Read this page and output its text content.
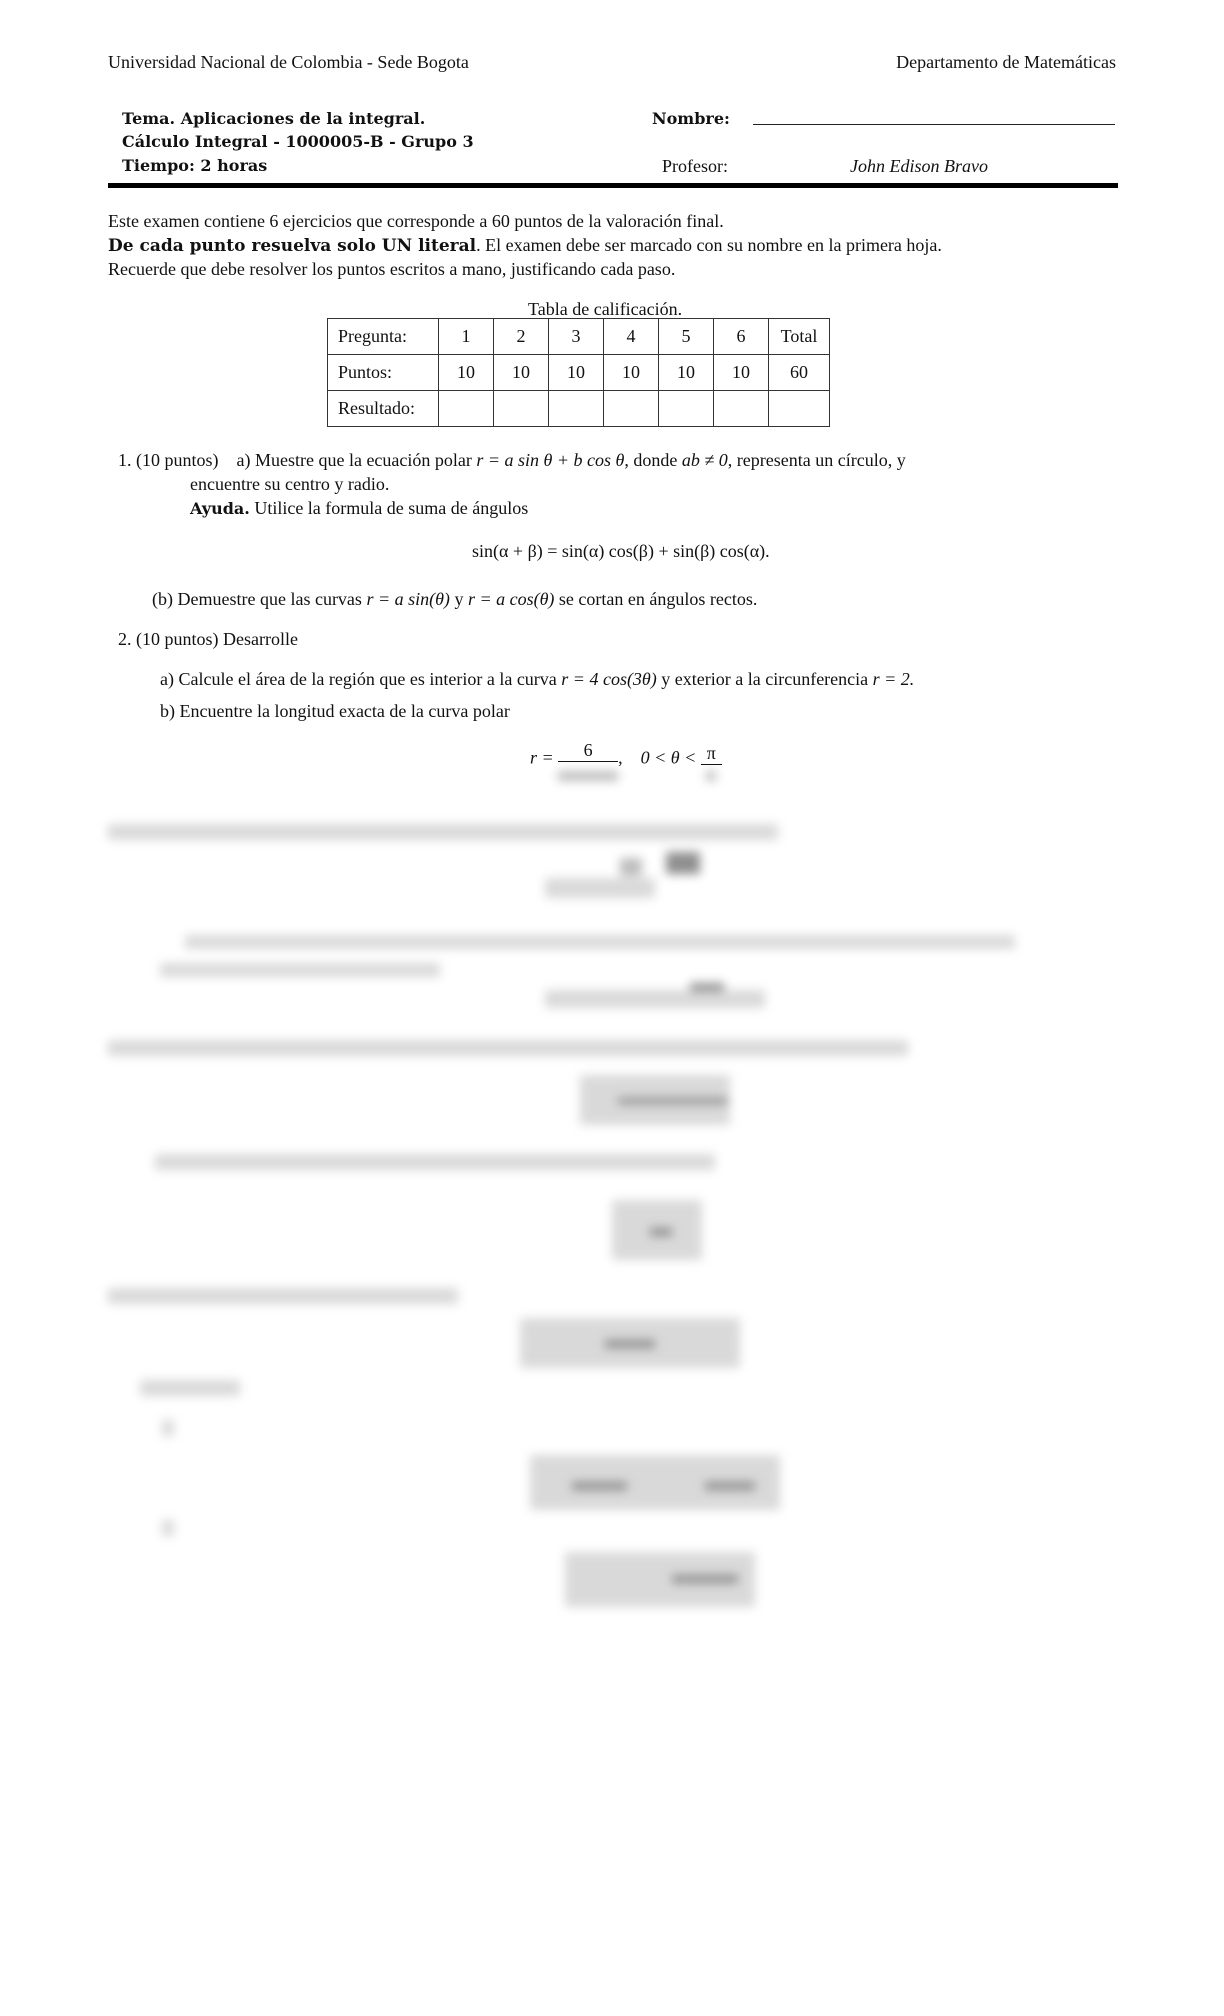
Universidad Nacional de Colombia - Sede Bogota	Departamento de Matemáticas
Tema. Aplicaciones de la integral.
Cálculo Integral - 1000005-B - Grupo 3
Tiempo: 2 horas
Nombre:
Profesor:	John Edison Bravo
Este examen contiene 6 ejercicios que corresponde a 60 puntos de la valoración final.
De cada punto resuelva solo UN literal. El examen debe ser marcado con su nombre en la primera hoja.
Recuerde que debe resolver los puntos escritos a mano, justificando cada paso.
Tabla de calificación.
Pregunta:	1	2	3	4	5	6	Total
Puntos:	10	10	10	10	10	10	60
Resultado:							
1. (10 puntos) a) Muestre que la ecuación polar r = a sin θ + b cos θ, donde ab ≠ 0, representa un círculo, y
encuentre su centro y radio.
Ayuda. Utilice la formula de suma de ángulos
sin(α + β) = sin(α) cos(β) + sin(β) cos(α).
(b) Demuestre que las curvas r = a sin(θ) y r = a cos(θ) se cortan en ángulos rectos.
2. (10 puntos) Desarrolle
a) Calcule el área de la región que es interior a la curva r = 4 cos(3θ) y exterior a la circunferencia r = 2.
b) Encuentre la longitud exacta de la curva polar
r =	6	,    0 < θ < π
